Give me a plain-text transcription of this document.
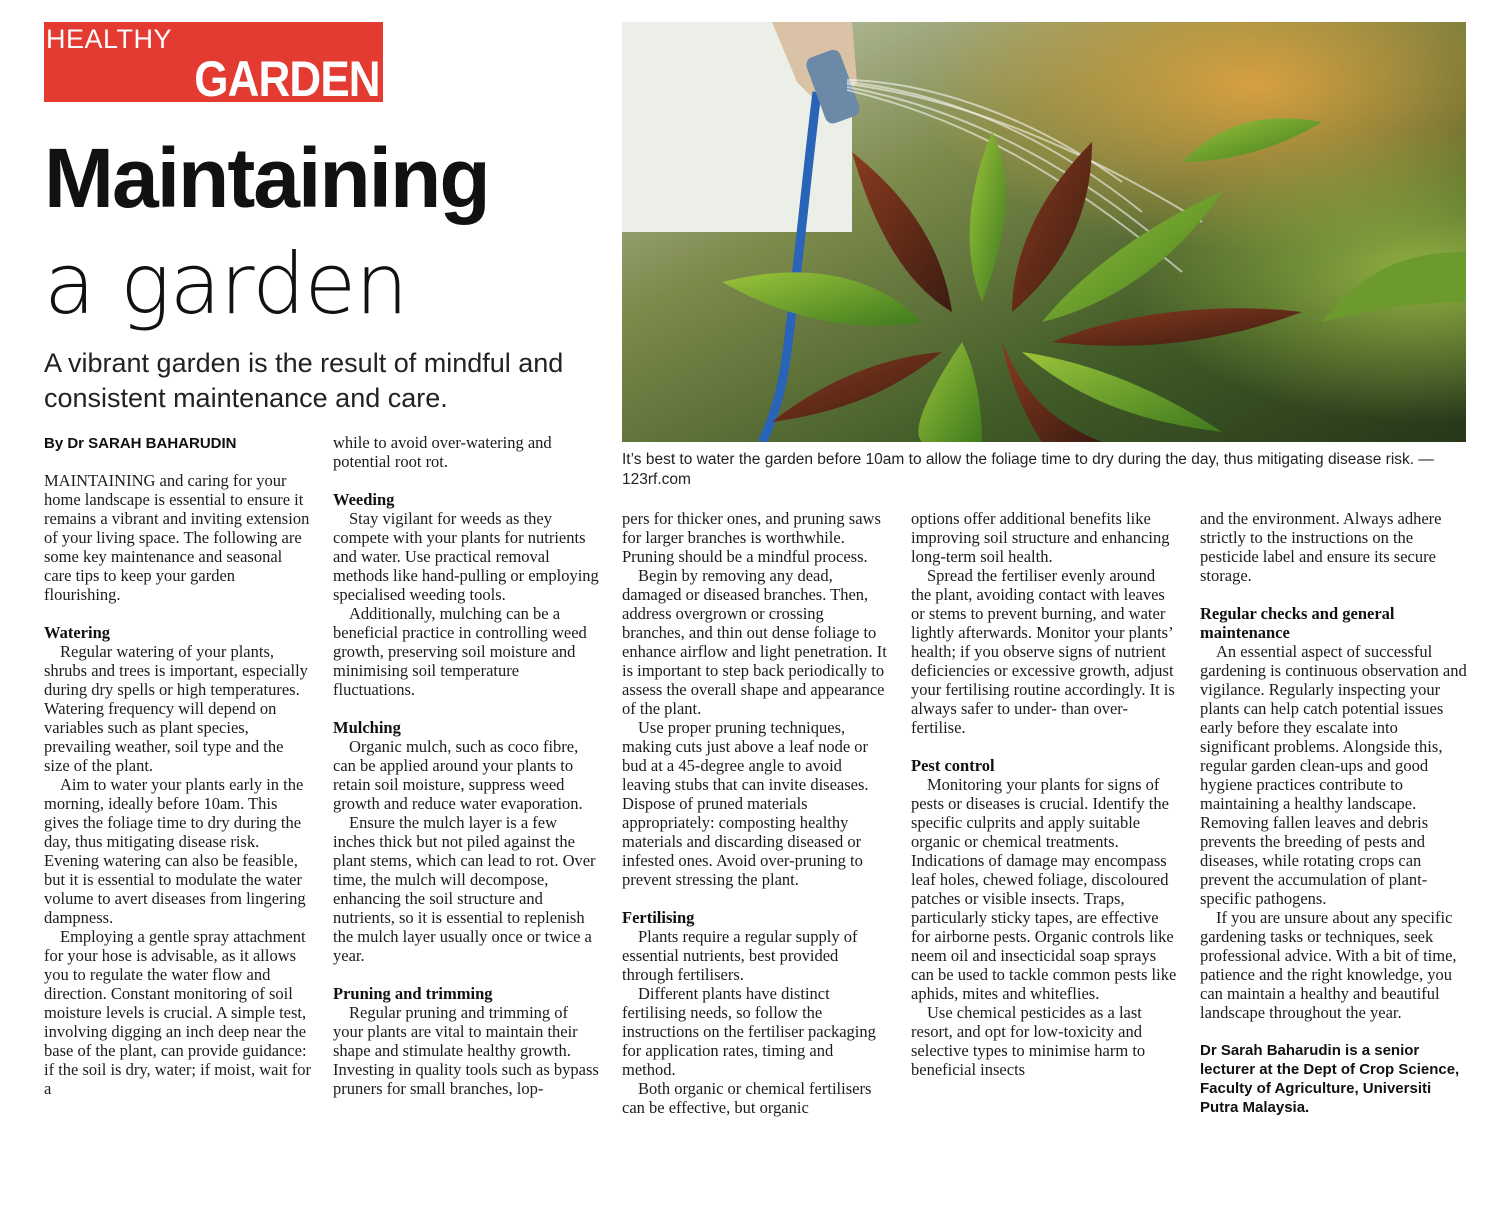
HEALTHY
GARDEN
Maintaining
a garden
A vibrant garden is the result of mindful and consistent maintenance and care.
By Dr SARAH BAHARUDIN
It’s best to water the garden before 10am to allow the foliage time to dry during the day, thus mitigating disease risk. — 123rf.com

MAINTAINING and caring for your home landscape is essential to ensure it remains a vibrant and inviting extension of your living space. The following are some key maintenance and seasonal care tips to keep your garden flourishing.

Watering

Regular watering of your plants, shrubs and trees is important, especially during dry spells or high temperatures. Watering frequency will depend on variables such as plant species, prevailing weather, soil type and the size of the plant.

Aim to water your plants early in the morning, ideally before 10am. This gives the foliage time to dry during the day, thus mitigating disease risk. Evening watering can also be feasible, but it is essential to modulate the water volume to avert diseases from lingering dampness.

Employing a gentle spray attachment for your hose is advisable, as it allows you to regulate the water flow and direction. Constant monitoring of soil moisture levels is crucial. A simple test, involving digging an inch deep near the base of the plant, can provide guidance: if the soil is dry, water; if moist, wait for a

while to avoid over-watering and potential root rot.

Weeding

Stay vigilant for weeds as they compete with your plants for nutrients and water. Use practical removal methods like hand-pulling or employing specialised weeding tools.

Additionally, mulching can be a beneficial practice in controlling weed growth, preserving soil moisture and minimising soil temperature fluctuations.

Mulching

Organic mulch, such as coco fibre, can be applied around your plants to retain soil moisture, suppress weed growth and reduce water evaporation.

Ensure the mulch layer is a few inches thick but not piled against the plant stems, which can lead to rot. Over time, the mulch will decompose, enhancing the soil structure and nutrients, so it is essential to replenish the mulch layer usually once or twice a year.

Pruning and trimming

Regular pruning and trimming of your plants are vital to maintain their shape and stimulate healthy growth. Investing in quality tools such as bypass pruners for small branches, lop-

pers for thicker ones, and pruning saws for larger branches is worthwhile. Pruning should be a mindful process.

Begin by removing any dead, damaged or diseased branches. Then, address overgrown or crossing branches, and thin out dense foliage to enhance airflow and light penetration. It is important to step back periodically to assess the overall shape and appearance of the plant.

Use proper pruning techniques, making cuts just above a leaf node or bud at a 45-degree angle to avoid leaving stubs that can invite diseases. Dispose of pruned materials appropriately: composting healthy materials and discarding diseased or infested ones. Avoid over-pruning to prevent stressing the plant.

Fertilising

Plants require a regular supply of essential nutrients, best provided through fertilisers.

Different plants have distinct fertilising needs, so follow the instructions on the fertiliser packaging for application rates, timing and method.

Both organic or chemical fertilisers can be effective, but organic

options offer additional benefits like improving soil structure and enhancing long-term soil health.

Spread the fertiliser evenly around the plant, avoiding contact with leaves or stems to prevent burning, and water lightly afterwards. Monitor your plants’ health; if you observe signs of nutrient deficiencies or excessive growth, adjust your fertilising routine accordingly. It is always safer to under- than over-fertilise.

Pest control

Monitoring your plants for signs of pests or diseases is crucial. Identify the specific culprits and apply suitable organic or chemical treatments. Indications of damage may encompass leaf holes, chewed foliage, discoloured patches or visible insects. Traps, particularly sticky tapes, are effective for airborne pests. Organic controls like neem oil and insecticidal soap sprays can be used to tackle common pests like aphids, mites and whiteflies.

Use chemical pesticides as a last resort, and opt for low-toxicity and selective types to minimise harm to beneficial insects

and the environment. Always adhere strictly to the instructions on the pesticide label and ensure its secure storage.

Regular checks and general maintenance

An essential aspect of successful gardening is continuous observation and vigilance. Regularly inspecting your plants can help catch potential issues early before they escalate into significant problems. Alongside this, regular garden clean-ups and good hygiene practices contribute to maintaining a healthy landscape. Removing fallen leaves and debris prevents the breeding of pests and diseases, while rotating crops can prevent the accumulation of plant-specific pathogens.

If you are unsure about any specific gardening tasks or techniques, seek professional advice. With a bit of time, patience and the right knowledge, you can maintain a healthy and beautiful landscape throughout the year.

Dr Sarah Baharudin is a senior lecturer at the Dept of Crop Science, Faculty of Agriculture, Universiti Putra Malaysia.
